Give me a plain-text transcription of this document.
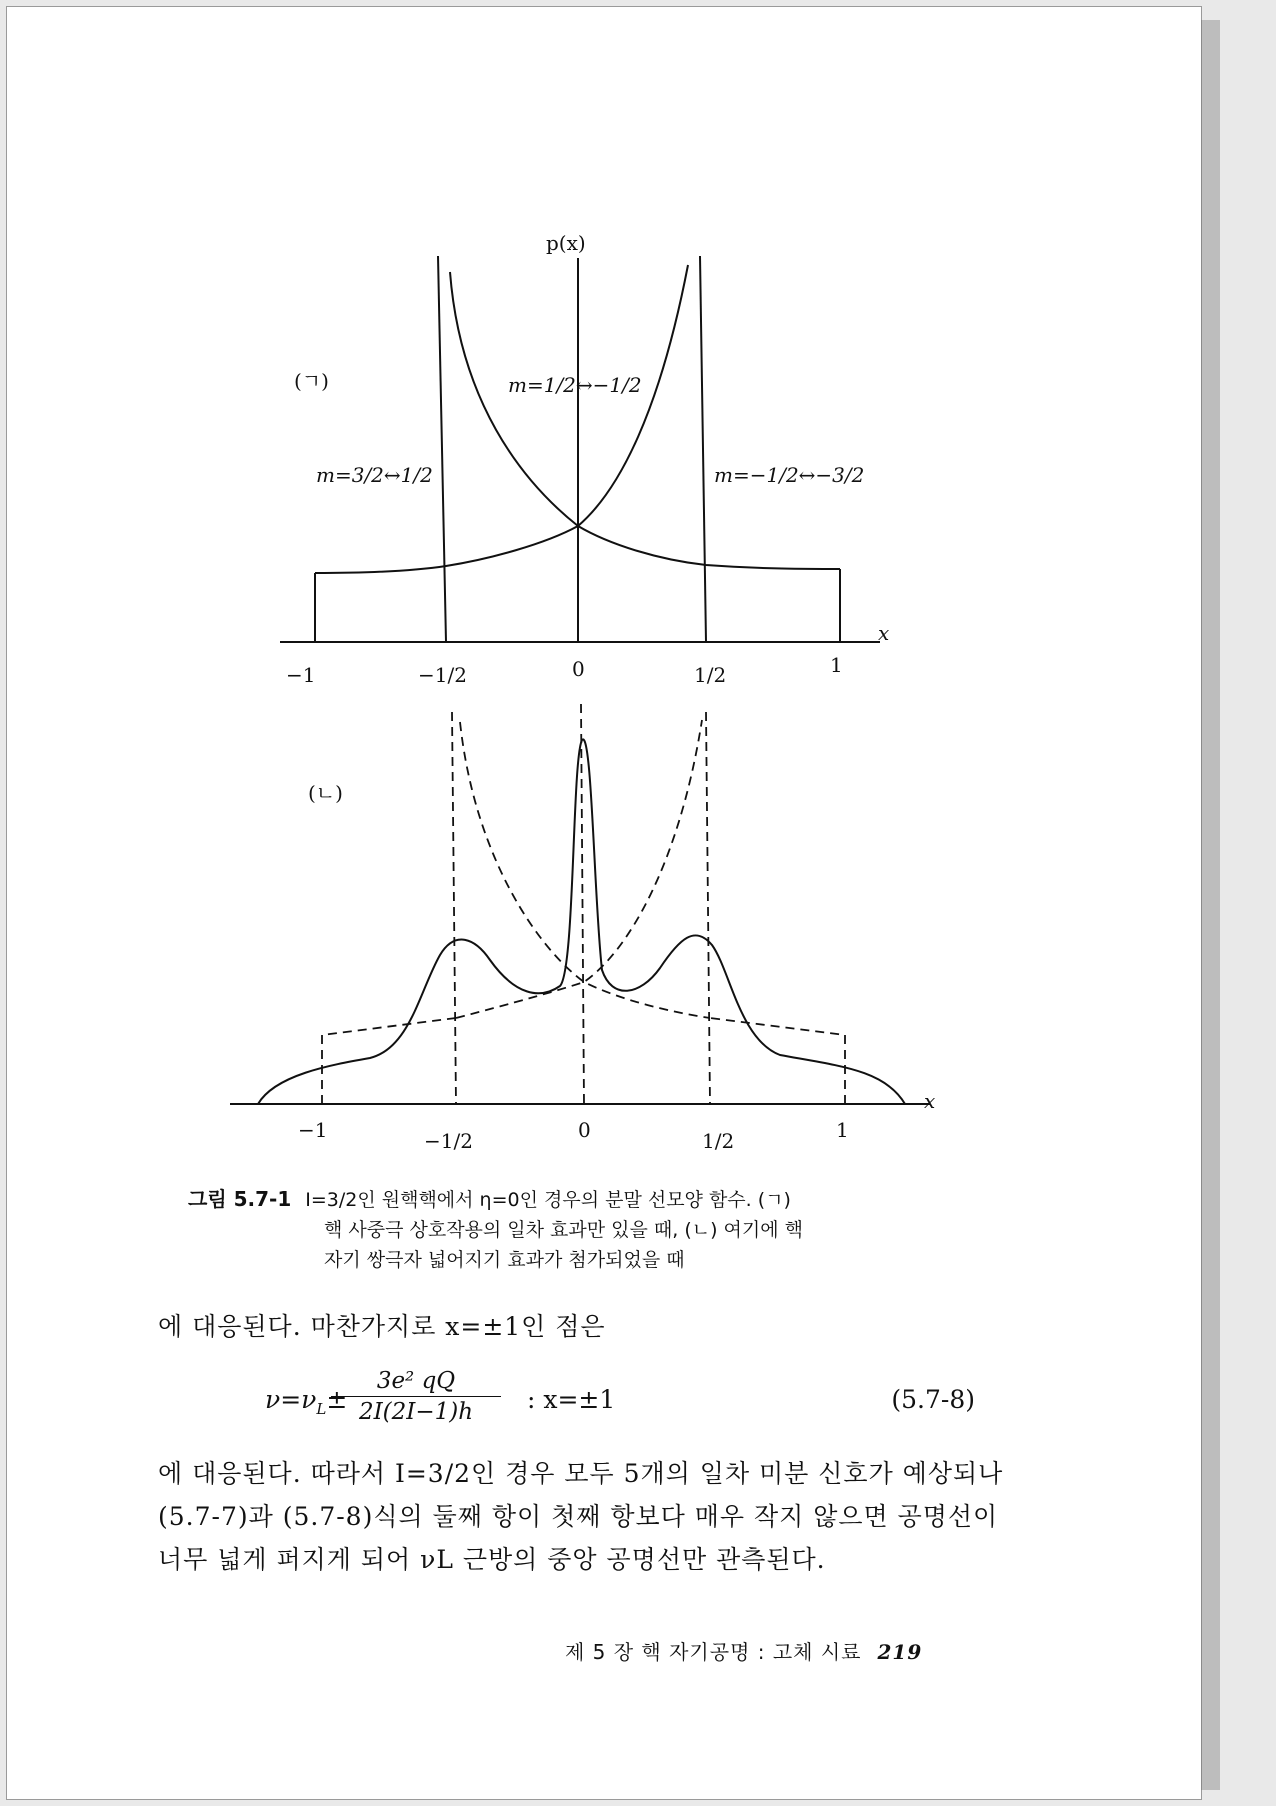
(ㄱ)
p(x)
x
−1	−1/2	0	1/2	1
m=1/2↔−1/2
m=3/2↔1/2	m=−1/2↔−3/2
(ㄴ)
x
−1	−1/2	0	1/2	1
그림 5.7-1 I=3/2인 원핵핵에서 η=0인 경우의 분말 선모양 함수. (ㄱ)
핵 사중극 상호작용의 일차 효과만 있을 때, (ㄴ) 여기에 핵
자기 쌍극자 넓어지기 효과가 첨가되었을 때
에 대응된다. 마찬가지로 x=±1인 점은
$\nu=\nu_L\pm$
$\frac{\text{3e² qQ}}{2I(2I-1)h}$ : x=±1	(5.7-8)
에 대응된다. 따라서 I=3/2인 경우 모두 5개의 일차 미분 신호가 예상되나 (5.7-7)과 (5.7-8)식의 둘째 항이 첫째 항보다 매우 작지 않으면 공명선이 너무 넓게 퍼지게 되어 νL 근방의 중앙 공명선만 관측된다.
제 5 장 핵 자기공명 : 고체 시료 219
